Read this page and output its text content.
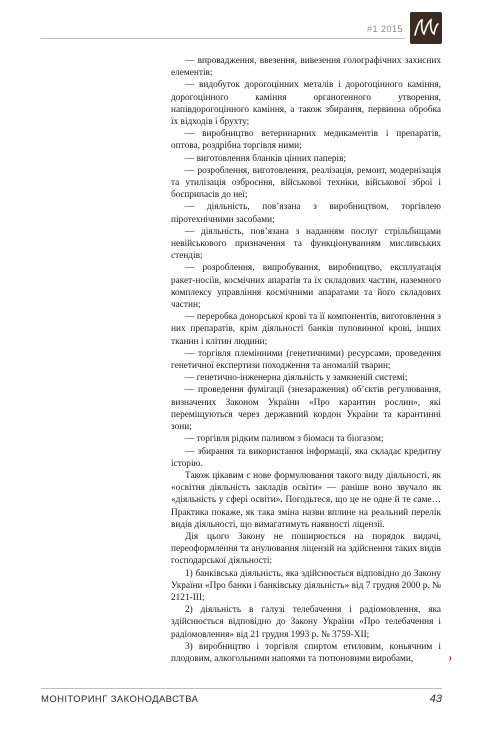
#1 2015

— впровадження, ввезення, вивезення голографічних захисних елементів;

— видобуток дорогоцінних металів і дорогоцінного каміння, дорогоцінного каміння органогенного утворення, напівдорогоцінного каміння, а також збирання, первинна обробка їх відходів і брухту;

— виробництво ветеринарних медикаментів і препаратів, оптова, роздрібна торгівля ними;

— виготовлення бланків цінних паперів;

— розроблення, виготовлення, реалізація, ремонт, модернізація та утилізація озброєння, військової техніки, військової зброї і боєприпасів до неї;

— діяльність, пов’язана з виробництвом, торгівлею піротехнічними засобами;

— діяльність, пов’язана з наданням послуг стрільбищами невійськового призначення та функціонуванням мисливських стендів;

— розроблення, випробування, виробництво, експлуатація ракет-носіїв, космічних апаратів та їх складових частин, наземного комплексу управління космічними апаратами та його складових частин;

— переробка донорської крові та її компонентів, виготовлення з них препаратів, крім діяльності банків пуповинної крові, інших тканин і клітин людини;

— торгівля племінними (генетичними) ресурсами, проведення генетичної експертизи походження та аномалій тварин;

— генетично-інженерна діяльність у замкненій системі;

— проведення фумігації (знезараження) об’єктів регулювання, визначених Законом України «Про карантин рослин», які переміщуються через державний кордон України та карантинні зони;

— торгівля рідким паливом з біомаси та біогазом;

— збирання та використання інформації, яка складає кредитну історію.

Також цікавим є нове формулювання такого виду діяльності, як «освітня діяльність закладів освіти» — раніше воно звучало як «діяльність у сфері освіти». Погодьтеся, що це не одне й те саме… Практика покаже, як така зміна назви вплине на реальний перелік видів діяльності, що вимагатимуть наявності ліцензії.

Дія цього Закону не поширюється на порядок видачі, переоформлення та анулювання ліцензій на здійснення таких видів господарської діяльності:

1) банківська діяльність, яка здійснюється відповідно до Закону України «Про банки і банківську діяльність» від 7 грудня 2000 р. № 2121-III;

2) діяльність в галузі телебачення і радіомовлення, яка здійснюється відповідно до Закону України «Про телебачення і радіомовлення» від 21 грудня 1993 р. № 3759-XII;

3) виробництво і торгівля спиртом етиловим, коньячним і плодовим, алкогольними напоями та тютюновими виробами,	›
МОНІТОРИНГ ЗАКОНОДАВСТВА	43
